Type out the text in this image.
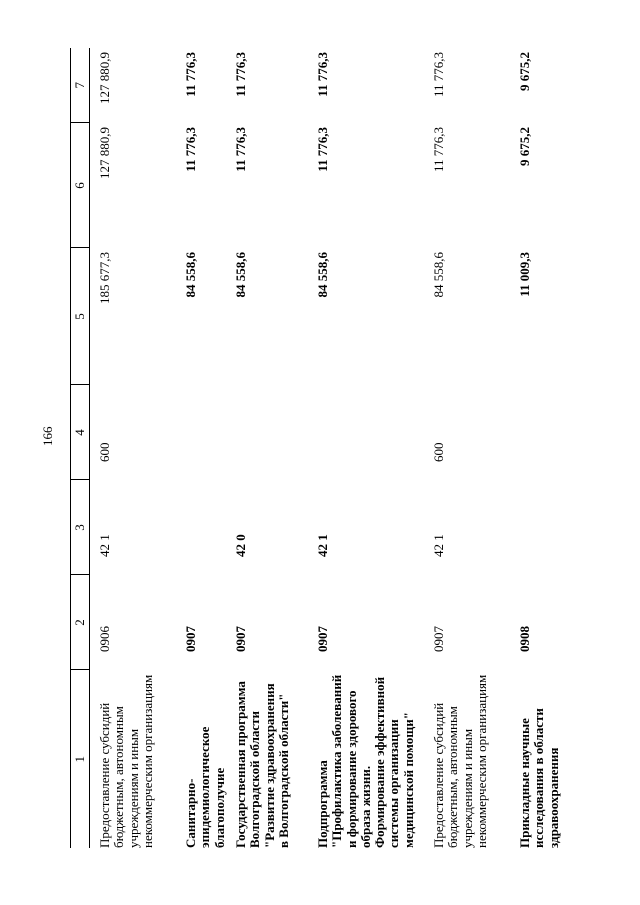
166
1	2	3	4	5	6	7
Предоставление субсидий бюджетным, автономным учреждениям и иным некоммерческим организациям	0906	42 1	600	185 677,3	127 880,9	127 880,9
Санитарно-эпидемиологическое благополучие	0907			84 558,6	11 776,3	11 776,3
Государственная программа Волгоградской области "Развитие здравоохранения в Волгоградской области"	0907	42 0		84 558,6	11 776,3	11 776,3
Подпрограмма "Профилактика заболеваний и формирование здорового образа жизни. Формирование эффективной системы организации медицинской помощи"	0907	42 1		84 558,6	11 776,3	11 776,3
Предоставление субсидий бюджетным, автономным учреждениям и иным некоммерческим организациям	0907	42 1	600	84 558,6	11 776,3	11 776,3
Прикладные научные исследования в области здравоохранения	0908			11 009,3	9 675,2	9 675,2
